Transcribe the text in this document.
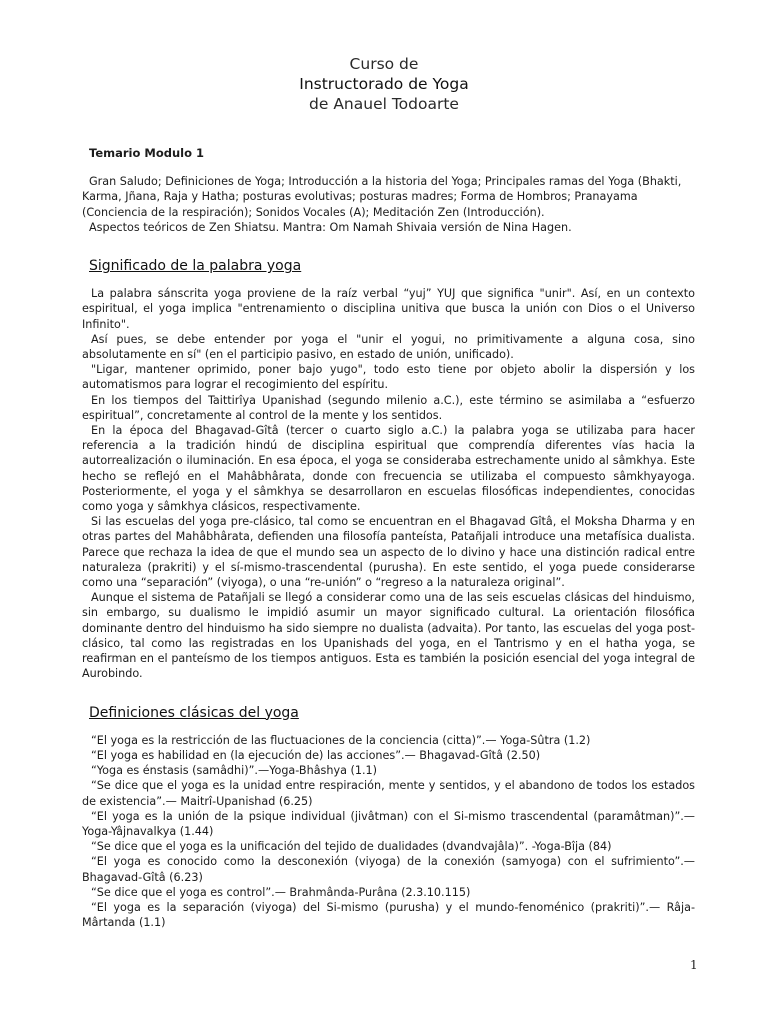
Curso de
Instructorado de Yoga
de Anauel Todoarte
Temario Modulo 1

Gran Saludo; Definiciones de Yoga; Introducción a la historia del Yoga; Principales ramas del Yoga (Bhakti, Karma, Jñana, Raja y Hatha; posturas evolutivas; posturas madres; Forma de Hombros; Pranayama (Conciencia de la respiración); Sonidos Vocales (A); Meditación Zen (Introducción).

Aspectos teóricos de Zen Shiatsu. Mantra: Om Namah Shivaia versión de Nina Hagen.

Significado de la palabra yoga

La palabra sánscrita yoga proviene de la raíz verbal “yuj” YUJ que significa "unir". Así, en un contexto espiritual, el yoga implica "entrenamiento o disciplina unitiva que busca la unión con Dios o el Universo Infinito".

Así pues, se debe entender por yoga el "unir el yogui, no primitivamente a alguna cosa, sino absolutamente en sí" (en el participio pasivo, en estado de unión, unificado).

"Ligar, mantener oprimido, poner bajo yugo", todo esto tiene por objeto abolir la dispersión y los automatismos para lograr el recogimiento del espíritu.

En los tiempos del Taittirîya Upanishad (segundo milenio a.C.), este término se asimilaba a “esfuerzo espiritual”, concretamente al control de la mente y los sentidos.

En la época del Bhagavad-Gîtâ (tercer o cuarto siglo a.C.) la palabra yoga se utilizaba para hacer referencia a la tradición hindú de disciplina espiritual que comprendía diferentes vías hacia la autorrealización o iluminación. En esa época, el yoga se consideraba estrechamente unido al sâmkhya. Este hecho se reflejó en el Mahâbhârata, donde con frecuencia se utilizaba el compuesto sâmkhyayoga. Posteriormente, el yoga y el sâmkhya se desarrollaron en escuelas filosóficas independientes, conocidas como yoga y sâmkhya clásicos, respectivamente.

Si las escuelas del yoga pre-clásico, tal como se encuentran en el Bhagavad Gîtâ, el Moksha Dharma y en otras partes del Mahâbhârata, defienden una filosofía panteísta, Patañjali introduce una metafísica dualista. Parece que rechaza la idea de que el mundo sea un aspecto de lo divino y hace una distinción radical entre naturaleza (prakriti) y el sí-mismo-trascendental (purusha). En este sentido, el yoga puede considerarse como una “separación” (viyoga), o una “re-unión” o “regreso a la naturaleza original”.

Aunque el sistema de Patañjali se llegó a considerar como una de las seis escuelas clásicas del hinduismo, sin embargo, su dualismo le impidió asumir un mayor significado cultural. La orientación filosófica dominante dentro del hinduismo ha sido siempre no dualista (advaita). Por tanto, las escuelas del yoga post-clásico, tal como las registradas en los Upanishads del yoga, en el Tantrismo y en el hatha yoga, se reafirman en el panteísmo de los tiempos antiguos. Esta es también la posición esencial del yoga integral de Aurobindo.

Definiciones clásicas del yoga

“El yoga es la restricción de las fluctuaciones de la conciencia (citta)”.— Yoga-Sûtra (1.2)

“El yoga es habilidad en (la ejecución de) las acciones”.— Bhagavad-Gîtâ (2.50)

“Yoga es énstasis (samâdhi)”.—Yoga-Bhâshya (1.1)

“Se dice que el yoga es la unidad entre respiración, mente y sentidos, y el abandono de todos los estados de existencia”.— Maitrî-Upanishad (6.25)

“El yoga es la unión de la psique individual (jivâtman) con el Si-mismo trascendental (paramâtman)”.—Yoga-Yâjnavalkya (1.44)

“Se dice que el yoga es la unificación del tejido de dualidades (dvandvajâla)”. -Yoga-Bîja (84)

“El yoga es conocido como la desconexión (viyoga) de la conexión (samyoga) con el sufrimiento”.— Bhagavad-Gîtâ (6.23)

“Se dice que el yoga es control”.— Brahmânda-Purâna (2.3.10.115)

“El yoga es la separación (viyoga) del Si-mismo (purusha) y el mundo-fenoménico (prakriti)”.— Râja-Mârtanda (1.1)

1
